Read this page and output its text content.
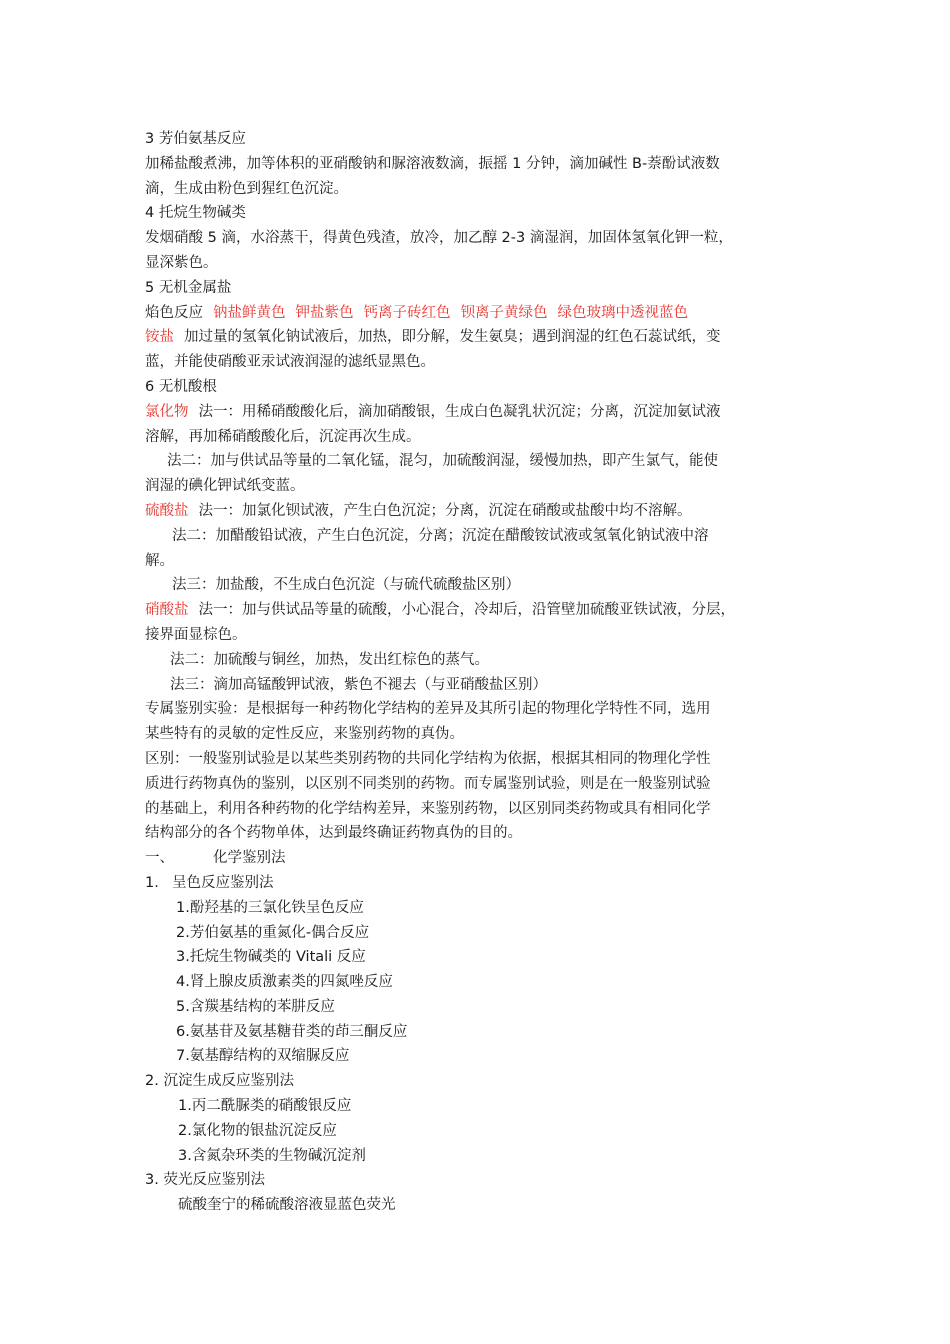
3 芳伯氨基反应
加稀盐酸煮沸，加等体积的亚硝酸钠和脲溶液数滴，振摇 1 分钟，滴加碱性 B-萘酚试液数
滴，生成由粉色到猩红色沉淀。
4 托烷生物碱类
发烟硝酸 5 滴，水浴蒸干，得黄色残渣，放冷，加乙醇 2-3 滴湿润，加固体氢氧化钾一粒，
显深紫色。
5 无机金属盐
焰色反应 钠盐鲜黄色 钾盐紫色 钙离子砖红色 钡离子黄绿色 绿色玻璃中透视蓝色
铵盐 加过量的氢氧化钠试液后，加热，即分解，发生氨臭；遇到润湿的红色石蕊试纸，变
蓝，并能使硝酸亚汞试液润湿的滤纸显黑色。
6 无机酸根
氯化物 法一：用稀硝酸酸化后，滴加硝酸银，生成白色凝乳状沉淀；分离，沉淀加氨试液
溶解，再加稀硝酸酸化后，沉淀再次生成。
法二：加与供试品等量的二氧化锰，混匀，加硫酸润湿，缓慢加热，即产生氯气，能使
润湿的碘化钾试纸变蓝。
硫酸盐 法一：加氯化钡试液，产生白色沉淀；分离，沉淀在硝酸或盐酸中均不溶解。
法二：加醋酸铅试液，产生白色沉淀，分离；沉淀在醋酸铵试液或氢氧化钠试液中溶
解。
法三：加盐酸，不生成白色沉淀（与硫代硫酸盐区别）
硝酸盐 法一：加与供试品等量的硫酸，小心混合，冷却后，沿管壁加硫酸亚铁试液，分层，
接界面显棕色。
法二：加硫酸与铜丝，加热，发出红棕色的蒸气。
法三：滴加高锰酸钾试液，紫色不褪去（与亚硝酸盐区别）
专属鉴别实验：是根据每一种药物化学结构的差异及其所引起的物理化学特性不同，选用
某些特有的灵敏的定性反应，来鉴别药物的真伪。
区别：一般鉴别试验是以某些类别药物的共同化学结构为依据，根据其相同的物理化学性
质进行药物真伪的鉴别，以区别不同类别的药物。而专属鉴别试验，则是在一般鉴别试验
的基础上，利用各种药物的化学结构差异，来鉴别药物，以区别同类药物或具有相同化学
结构部分的各个药物单体，达到最终确证药物真伪的目的。
一、	化学鉴别法
1. 呈色反应鉴别法
1.酚羟基的三氯化铁呈色反应
2.芳伯氨基的重氮化-偶合反应
3.托烷生物碱类的 Vitali 反应
4.肾上腺皮质激素类的四氮唑反应
5.含羰基结构的苯肼反应
6.氨基苷及氨基糖苷类的茚三酮反应
7.氨基醇结构的双缩脲反应
2. 沉淀生成反应鉴别法
1.丙二酰脲类的硝酸银反应
2.氯化物的银盐沉淀反应
3.含氮杂环类的生物碱沉淀剂
3. 荧光反应鉴别法
硫酸奎宁的稀硫酸溶液显蓝色荧光
